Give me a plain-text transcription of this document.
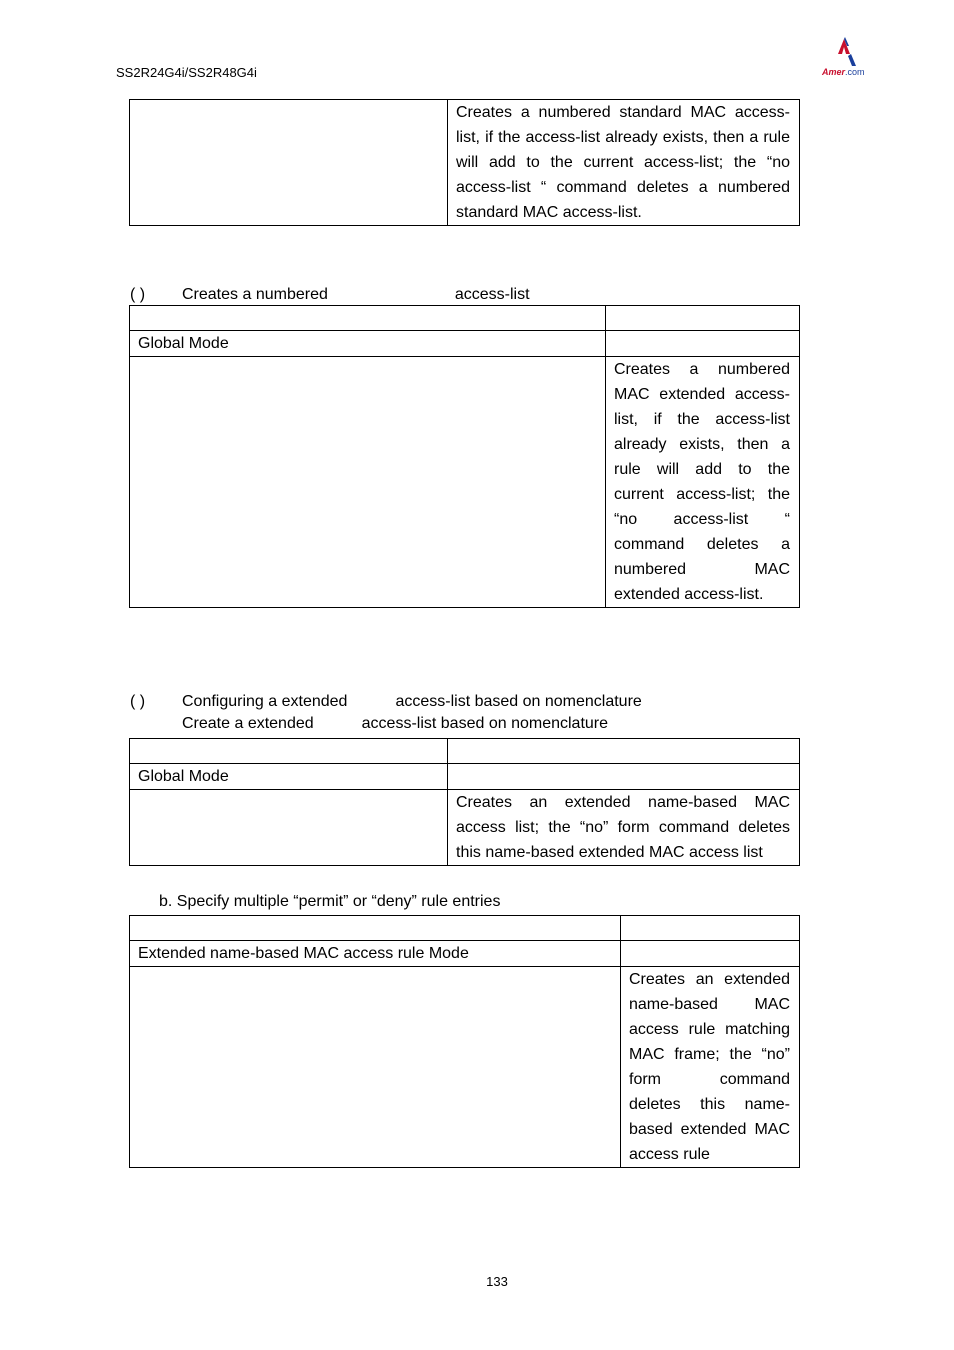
SS2R24G4i/SS2R48G4i	Amer.com
	Creates a numbered standard MAC access-list, if the access-list already exists, then a rule will add to the current access-list; the “no access-list “ command deletes a numbered standard MAC access-list.
( ) Creates a numbered	access-list

Global Mode	
	Creates a numbered MAC extended access-list, if the access-list already exists, then a rule will add to the current access-list; the “no access-list “ command deletes a numbered MAC extended access-list.
( ) Configuring a extended	access-list based on nomenclature
Create a extended	access-list based on nomenclature

Global Mode	
	Creates an extended name-based MAC access list; the “no” form command deletes this name-based extended MAC access list
b. Specify multiple “permit” or “deny” rule entries

Extended name-based MAC access rule Mode	
	Creates an extended name-based MAC access rule matching MAC frame; the “no” form command deletes this name-based extended MAC access rule
133
